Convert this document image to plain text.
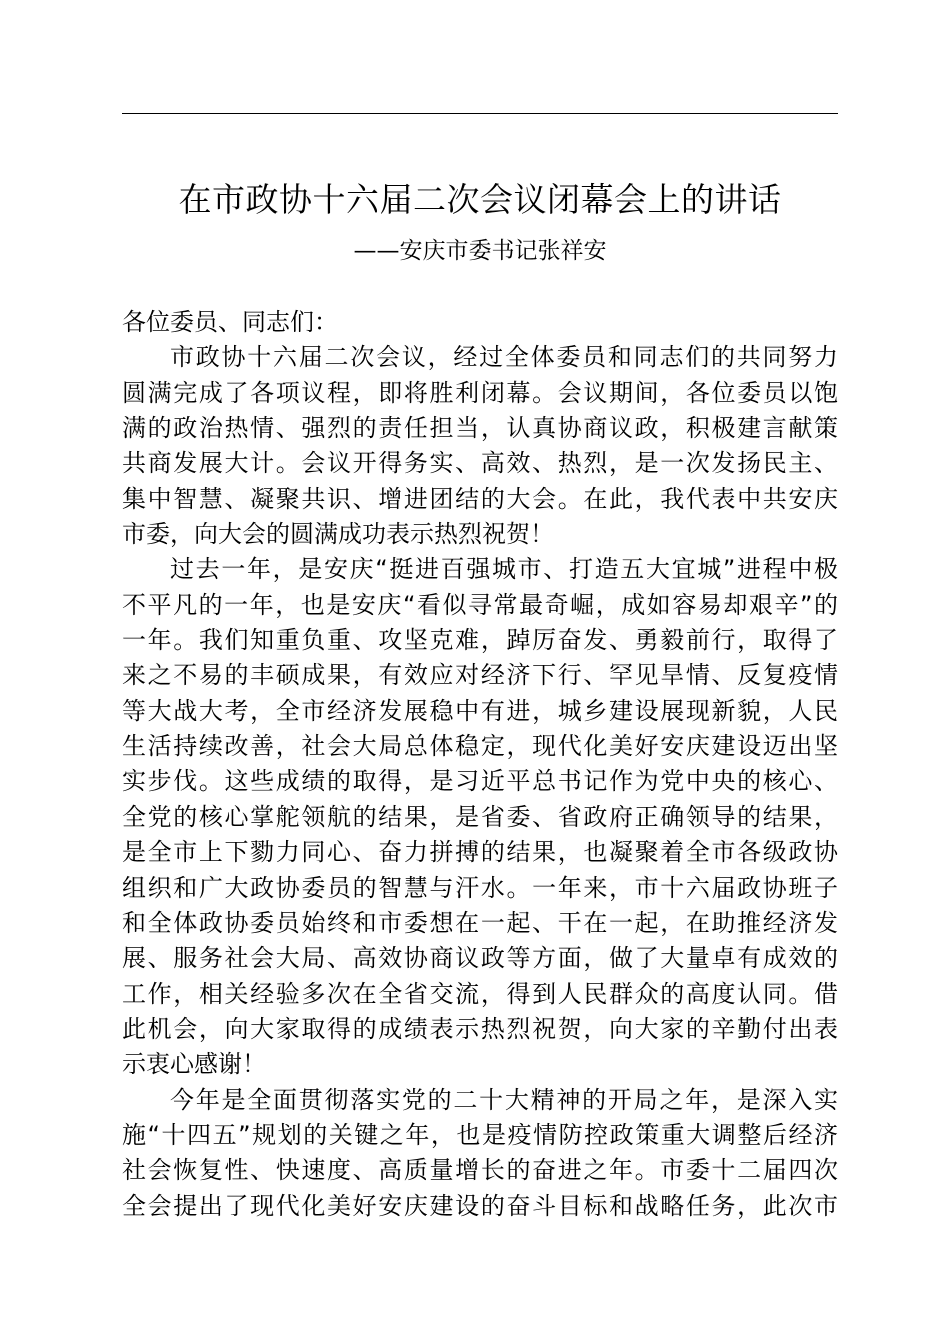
在市政协十六届二次会议闭幕会上的讲话
——安庆市委书记张祥安
各位委员、同志们：
市政协十六届二次会议，经过全体委员和同志们的共同努力
圆满完成了各项议程，即将胜利闭幕。会议期间，各位委员以饱
满的政治热情、强烈的责任担当，认真协商议政，积极建言献策
共商发展大计。会议开得务实、高效、热烈，是一次发扬民主、
集中智慧、凝聚共识、增进团结的大会。在此，我代表中共安庆
市委，向大会的圆满成功表示热烈祝贺！
过去一年，是安庆“挺进百强城市、打造五大宜城”进程中极
不平凡的一年，也是安庆“看似寻常最奇崛，成如容易却艰辛”的
一年。我们知重负重、攻坚克难，踔厉奋发、勇毅前行，取得了
来之不易的丰硕成果，有效应对经济下行、罕见旱情、反复疫情
等大战大考，全市经济发展稳中有进，城乡建设展现新貌，人民
生活持续改善，社会大局总体稳定，现代化美好安庆建设迈出坚
实步伐。这些成绩的取得，是习近平总书记作为党中央的核心、
全党的核心掌舵领航的结果，是省委、省政府正确领导的结果，
是全市上下勠力同心、奋力拼搏的结果，也凝聚着全市各级政协
组织和广大政协委员的智慧与汗水。一年来，市十六届政协班子
和全体政协委员始终和市委想在一起、干在一起，在助推经济发
展、服务社会大局、高效协商议政等方面，做了大量卓有成效的
工作，相关经验多次在全省交流，得到人民群众的高度认同。借
此机会，向大家取得的成绩表示热烈祝贺，向大家的辛勤付出表
示衷心感谢！
今年是全面贯彻落实党的二十大精神的开局之年，是深入实
施“十四五”规划的关键之年，也是疫情防控政策重大调整后经济
社会恢复性、快速度、高质量增长的奋进之年。市委十二届四次
全会提出了现代化美好安庆建设的奋斗目标和战略任务，此次市
